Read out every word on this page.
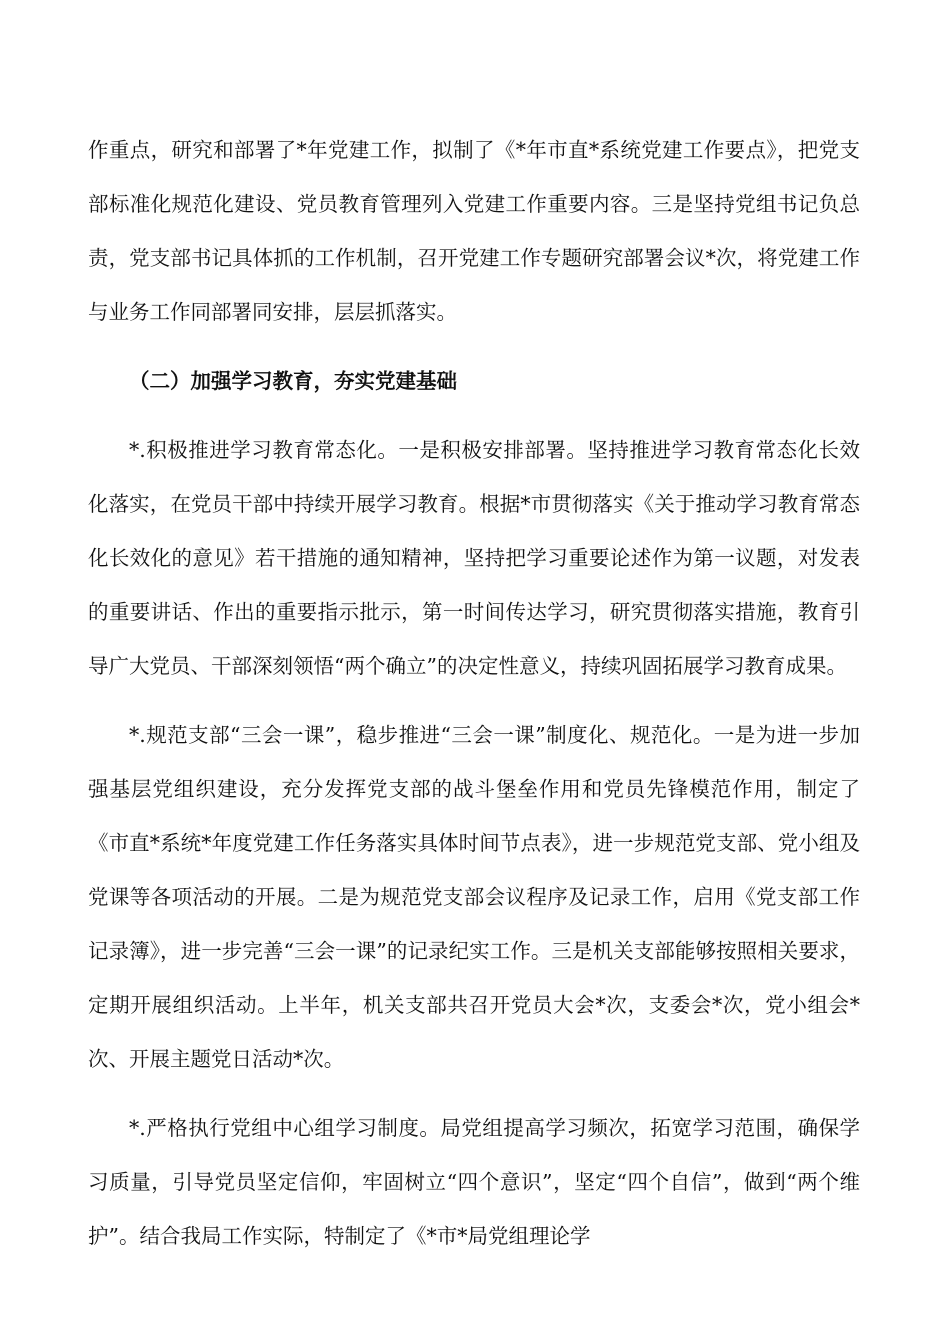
作重点，研究和部署了*年党建工作，拟制了《*年市直*系统党建工作要点》，把党支部标准化规范化建设、党员教育管理列入党建工作重要内容。三是坚持党组书记负总责，党支部书记具体抓的工作机制，召开党建工作专题研究部署会议*次，将党建工作与业务工作同部署同安排，层层抓落实。

（二）加强学习教育，夯实党建基础

*.积极推进学习教育常态化。一是积极安排部署。坚持推进学习教育常态化长效化落实，在党员干部中持续开展学习教育。根据*市贯彻落实《关于推动学习教育常态化长效化的意见》若干措施的通知精神，坚持把学习重要论述作为第一议题，对发表的重要讲话、作出的重要指示批示，第一时间传达学习，研究贯彻落实措施，教育引导广大党员、干部深刻领悟“两个确立”的决定性意义，持续巩固拓展学习教育成果。

*.规范支部“三会一课”，稳步推进“三会一课”制度化、规范化。一是为进一步加强基层党组织建设，充分发挥党支部的战斗堡垒作用和党员先锋模范作用，制定了《市直*系统*年度党建工作任务落实具体时间节点表》，进一步规范党支部、党小组及党课等各项活动的开展。二是为规范党支部会议程序及记录工作，启用《党支部工作记录簿》，进一步完善“三会一课”的记录纪实工作。三是机关支部能够按照相关要求，定期开展组织活动。上半年，机关支部共召开党员大会*次，支委会*次，党小组会*次、开展主题党日活动*次。

*.严格执行党组中心组学习制度。局党组提高学习频次，拓宽学习范围，确保学习质量，引导党员坚定信仰，牢固树立“四个意识”，坚定“四个自信”，做到“两个维护”。结合我局工作实际，特制定了《*市*局党组理论学
